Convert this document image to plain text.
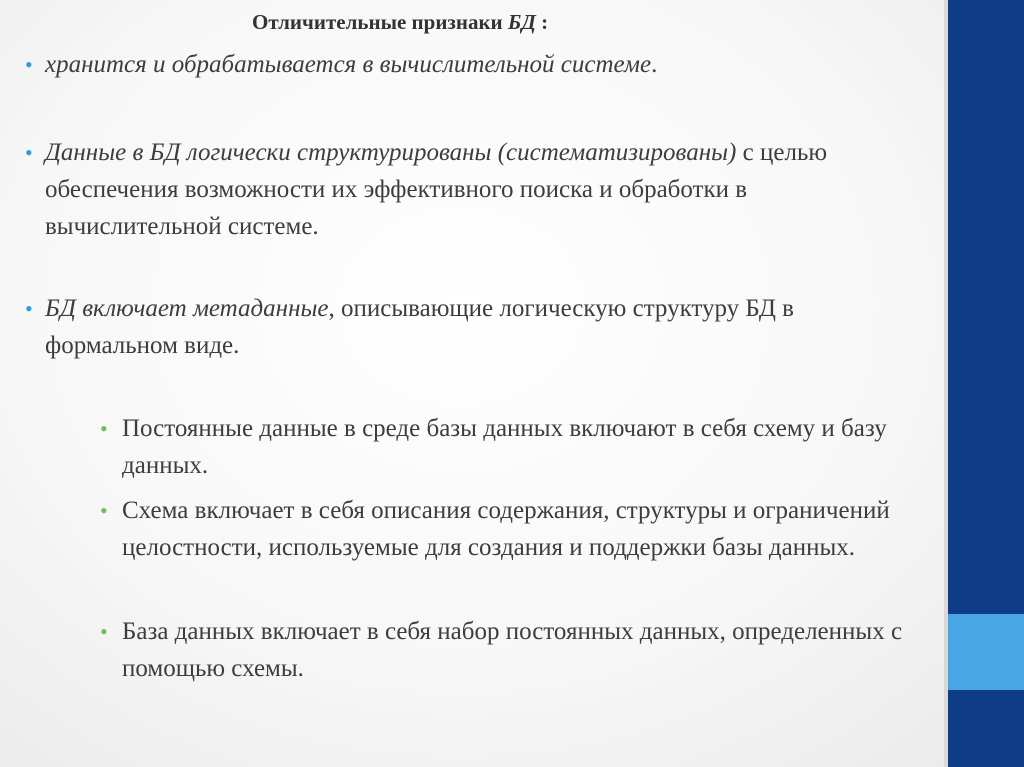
Отличительные признаки БД :
• хранится и обрабатывается в вычислительной системе.

• Данные в БД логически структурированы (систематизированы) с целью обеспечения возможности их эффективного поиска и обработки в вычислительной системе.

• БД включает метаданные, описывающие логическую структуру БД в формальном виде.

• Постоянные данные в среде базы данных включают в себя схему и базу данных.

• Схема включает в себя описания содержания, структуры и ограничений целостности, используемые для создания и поддержки базы данных.

• База данных включает в себя набор постоянных данных, определенных с помощью схемы.
